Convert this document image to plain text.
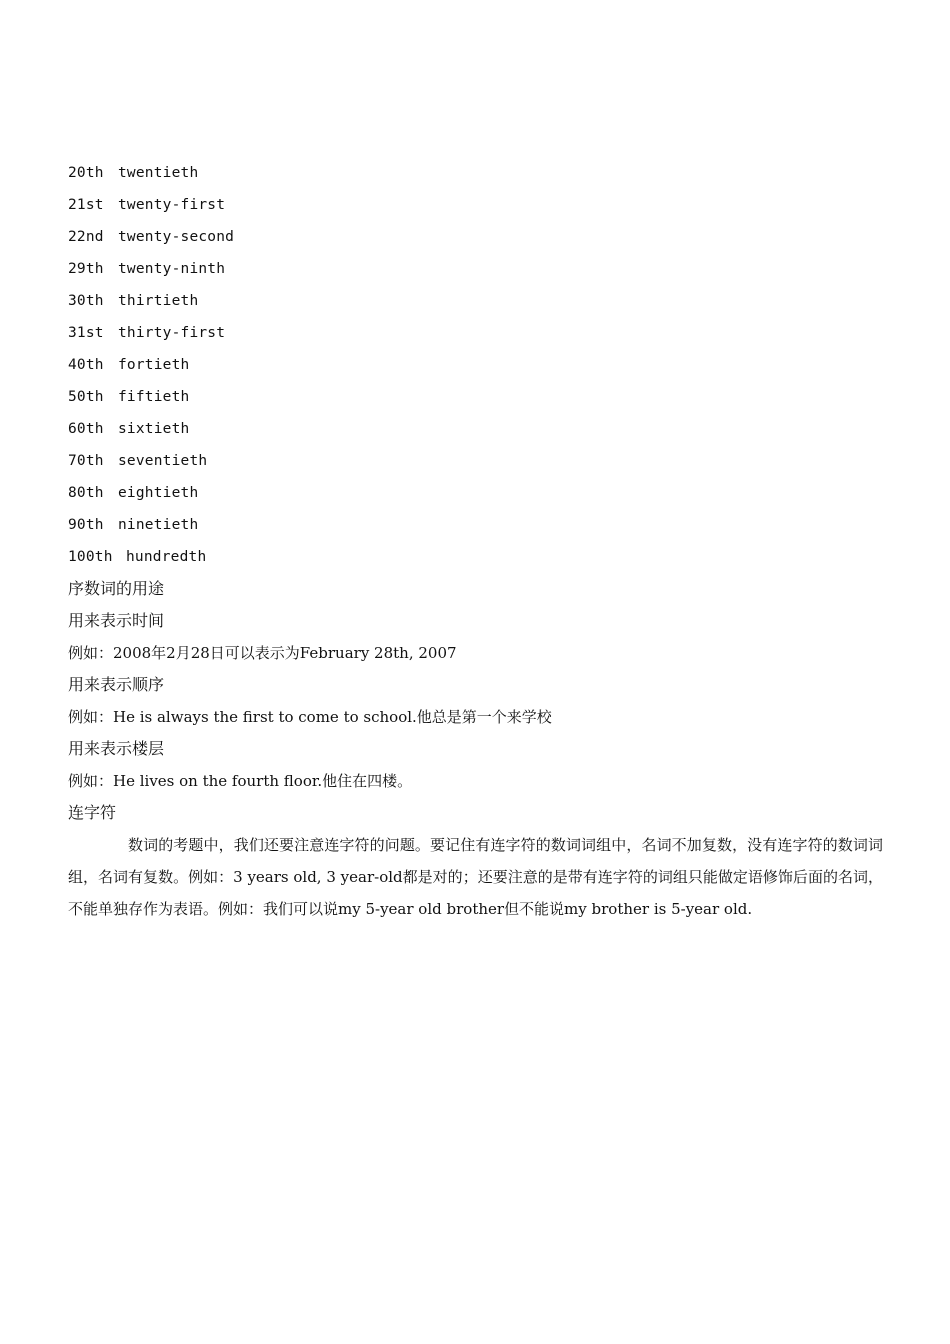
20th twentieth
21st twenty-first
22nd twenty-second
29th twenty-ninth
30th thirtieth
31st thirty-first
40th fortieth
50th fiftieth
60th sixtieth
70th seventieth
80th eightieth
90th ninetieth
100th hundredth
序数词的用途
用来表示时间
例如：2008年2月28日可以表示为February 28th, 2007
用来表示顺序
例如：He is always the first to come to school.他总是第一个来学校
用来表示楼层
例如：He lives on the fourth floor.他住在四楼。
连字符
数词的考题中，我们还要注意连字符的问题。要记住有连字符的数词词组中，名词不加复数，没有连字符的数词词组，名词有复数。例如：3 years old, 3 year-old都是对的；还要注意的是带有连字符的词组只能做定语修饰后面的名词，不能单独存作为表语。例如：我们可以说my 5-year old brother但不能说my brother is 5-year old.
